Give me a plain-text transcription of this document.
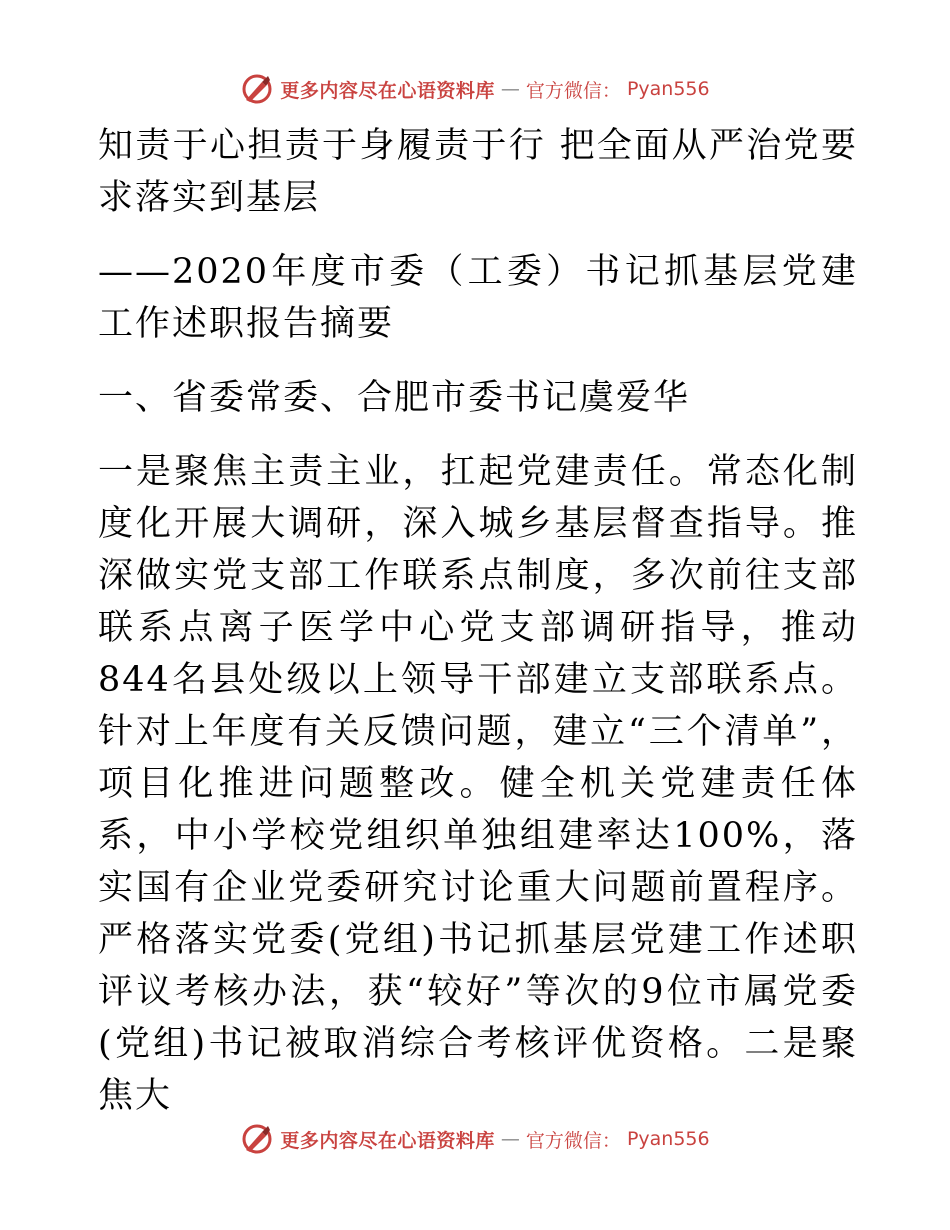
更多内容尽在心语资料库 — 官方微信： Pyan556

知责于心担责于身履责于行 把全面从严治党要求落实到基层

——2020年度市委（工委）书记抓基层党建工作述职报告摘要

一、省委常委、合肥市委书记虞爱华

一是聚焦主责主业，扛起党建责任。常态化制度化开展大调研，深入城乡基层督查指导。推深做实党支部工作联系点制度，多次前往支部联系点离子医学中心党支部调研指导，推动844名县处级以上领导干部建立支部联系点。针对上年度有关反馈问题，建立“三个清单”，项目化推进问题整改。健全机关党建责任体系，中小学校党组织单独组建率达100%，落实国有企业党委研究讨论重大问题前置程序。严格落实党委(党组)书记抓基层党建工作述职评议考核办法，获“较好”等次的9位市属党委(党组)书记被取消综合考核评优资格。二是聚焦大

更多内容尽在心语资料库 — 官方微信： Pyan556
